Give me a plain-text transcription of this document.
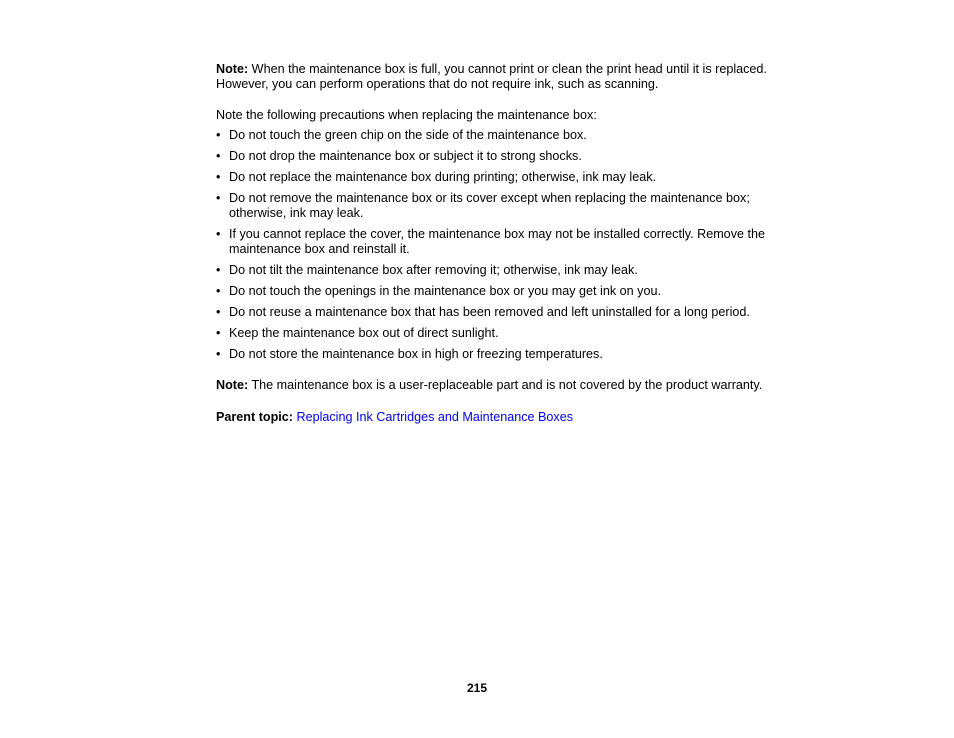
Note: When the maintenance box is full, you cannot print or clean the print head until it is replaced. However, you can perform operations that do not require ink, such as scanning.

Note the following precautions when replacing the maintenance box:

• Do not touch the green chip on the side of the maintenance box.
• Do not drop the maintenance box or subject it to strong shocks.
• Do not replace the maintenance box during printing; otherwise, ink may leak.
• Do not remove the maintenance box or its cover except when replacing the maintenance box; otherwise, ink may leak.
• If you cannot replace the cover, the maintenance box may not be installed correctly. Remove the maintenance box and reinstall it.
• Do not tilt the maintenance box after removing it; otherwise, ink may leak.
• Do not touch the openings in the maintenance box or you may get ink on you.
• Do not reuse a maintenance box that has been removed and left uninstalled for a long period.
• Keep the maintenance box out of direct sunlight.
• Do not store the maintenance box in high or freezing temperatures.

Note: The maintenance box is a user-replaceable part and is not covered by the product warranty.

Parent topic: Replacing Ink Cartridges and Maintenance Boxes

215
